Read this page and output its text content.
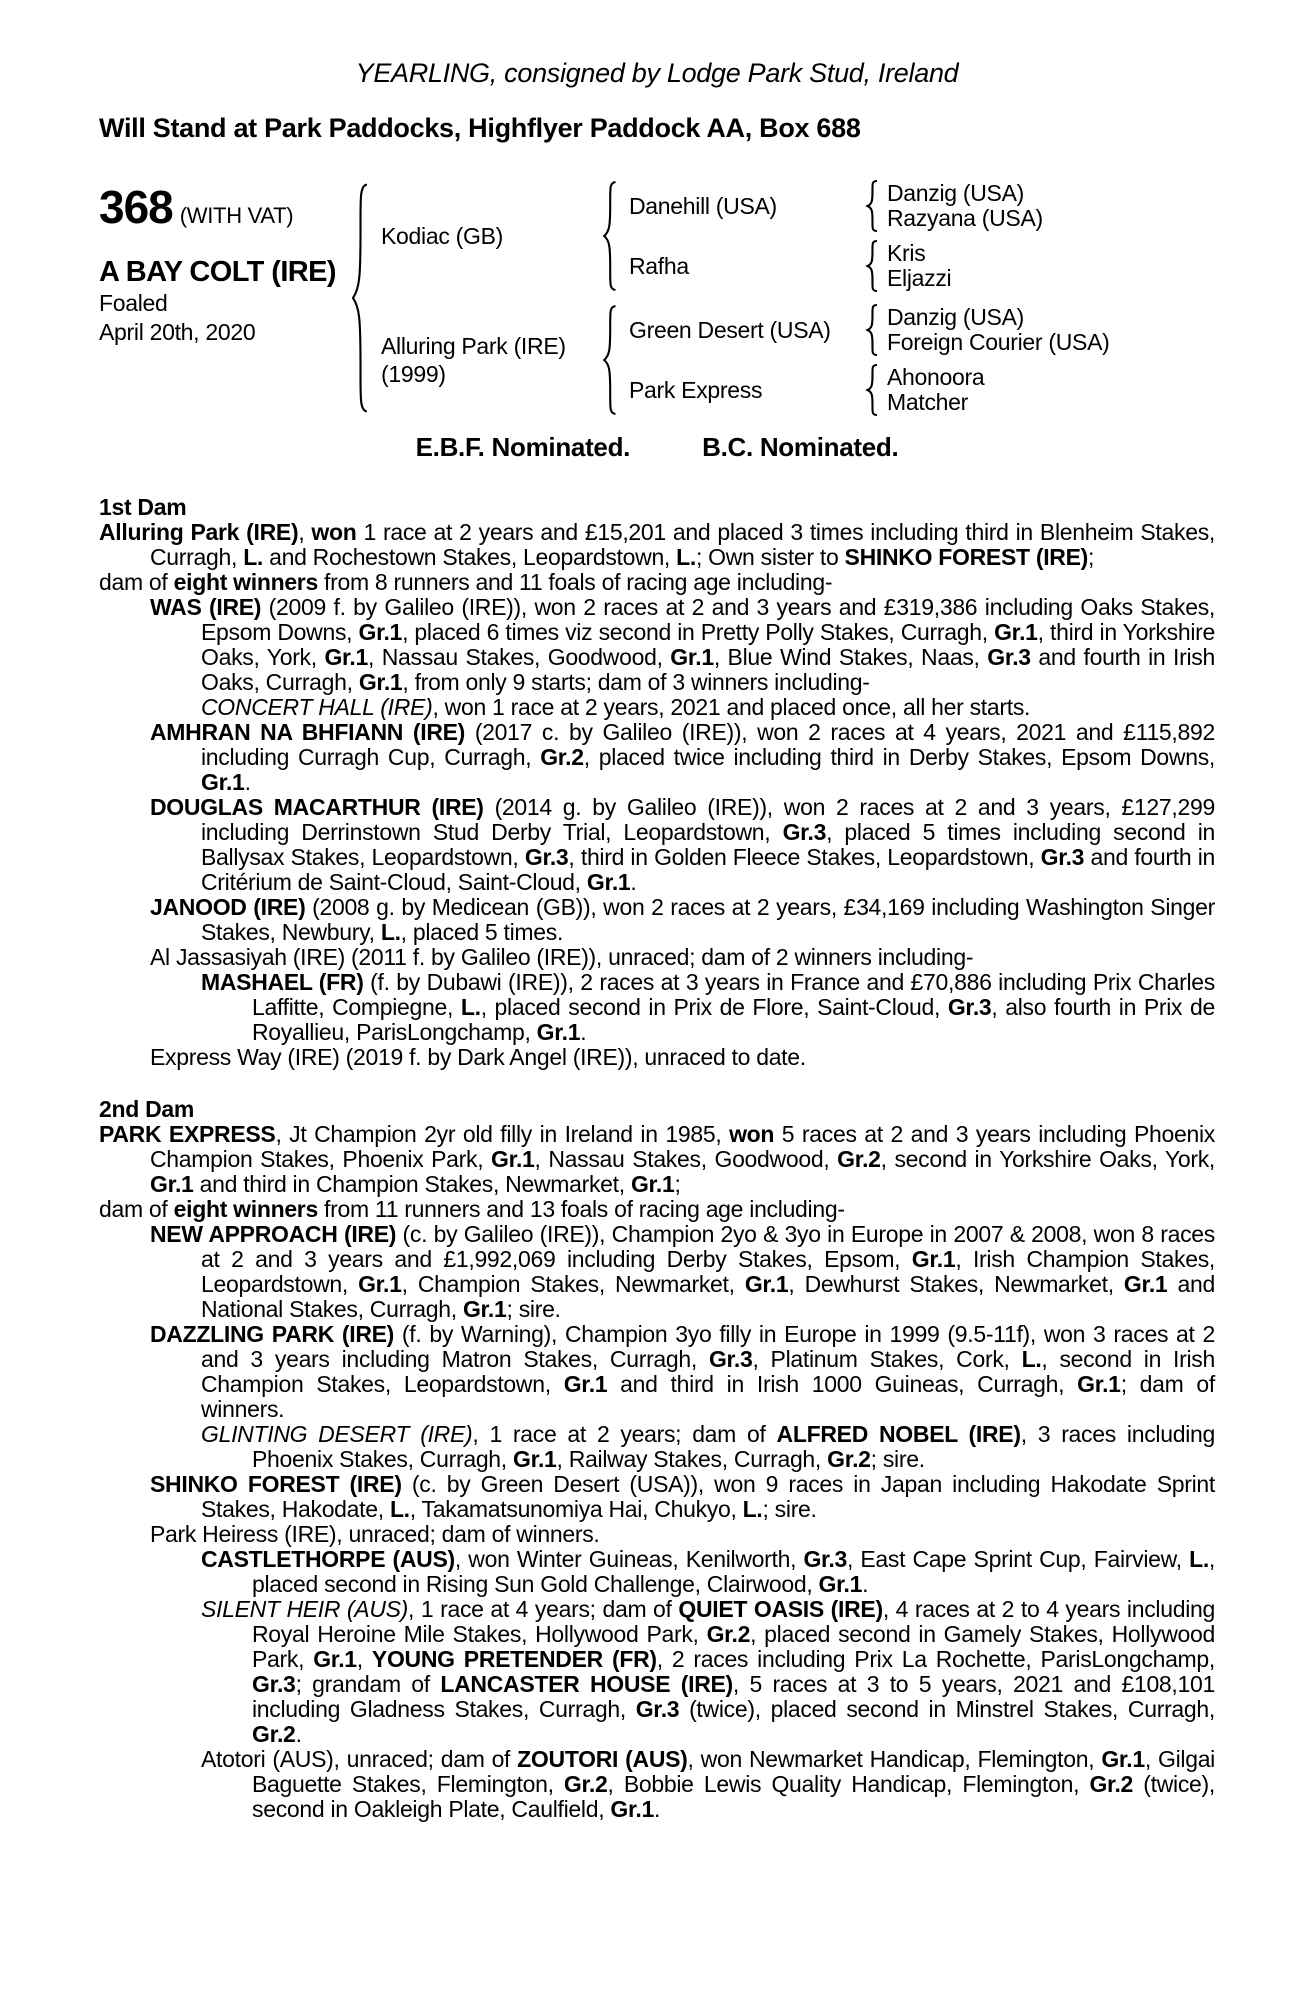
YEARLING, consigned by Lodge Park Stud, Ireland
Will Stand at Park Paddocks, Highflyer Paddock AA, Box 688
368 (WITH VAT)
A BAY COLT (IRE)
Foaled
April 20th, 2020
Kodiac (GB)
Danehill (USA)	Danzig (USA)
Razyana (USA)
Rafha	Kris
Eljazzi
Alluring Park (IRE)
(1999)
Green Desert (USA)	Danzig (USA)
Foreign Courier (USA)
Park Express	Ahonoora
Matcher
E.B.F. Nominated.	B.C. Nominated.
1st Dam

Alluring Park (IRE), won 1 race at 2 years and £15,201 and placed 3 times including third in Blenheim Stakes, Curragh, L. and Rochestown Stakes, Leopardstown, L.; Own sister to SHINKO FOREST (IRE);

dam of eight winners from 8 runners and 11 foals of racing age including-

WAS (IRE) (2009 f. by Galileo (IRE)), won 2 races at 2 and 3 years and £319,386 including Oaks Stakes, Epsom Downs, Gr.1, placed 6 times viz second in Pretty Polly Stakes, Curragh, Gr.1, third in Yorkshire Oaks, York, Gr.1, Nassau Stakes, Goodwood, Gr.1, Blue Wind Stakes, Naas, Gr.3 and fourth in Irish Oaks, Curragh, Gr.1, from only 9 starts; dam of 3 winners including-

CONCERT HALL (IRE), won 1 race at 2 years, 2021 and placed once, all her starts.

AMHRAN NA BHFIANN (IRE) (2017 c. by Galileo (IRE)), won 2 races at 4 years, 2021 and £115,892 including Curragh Cup, Curragh, Gr.2, placed twice including third in Derby Stakes, Epsom Downs, Gr.1.

DOUGLAS MACARTHUR (IRE) (2014 g. by Galileo (IRE)), won 2 races at 2 and 3 years, £127,299 including Derrinstown Stud Derby Trial, Leopardstown, Gr.3, placed 5 times including second in Ballysax Stakes, Leopardstown, Gr.3, third in Golden Fleece Stakes, Leopardstown, Gr.3 and fourth in Critérium de Saint-Cloud, Saint-Cloud, Gr.1.

JANOOD (IRE) (2008 g. by Medicean (GB)), won 2 races at 2 years, £34,169 including Washington Singer Stakes, Newbury, L., placed 5 times.

Al Jassasiyah (IRE) (2011 f. by Galileo (IRE)), unraced; dam of 2 winners including-

MASHAEL (FR) (f. by Dubawi (IRE)), 2 races at 3 years in France and £70,886 including Prix Charles Laffitte, Compiegne, L., placed second in Prix de Flore, Saint-Cloud, Gr.3, also fourth in Prix de Royallieu, ParisLongchamp, Gr.1.

Express Way (IRE) (2019 f. by Dark Angel (IRE)), unraced to date.

2nd Dam

PARK EXPRESS, Jt Champion 2yr old filly in Ireland in 1985, won 5 races at 2 and 3 years including Phoenix Champion Stakes, Phoenix Park, Gr.1, Nassau Stakes, Goodwood, Gr.2, second in Yorkshire Oaks, York, Gr.1 and third in Champion Stakes, Newmarket, Gr.1;

dam of eight winners from 11 runners and 13 foals of racing age including-

NEW APPROACH (IRE) (c. by Galileo (IRE)), Champion 2yo & 3yo in Europe in 2007 & 2008, won 8 races at 2 and 3 years and £1,992,069 including Derby Stakes, Epsom, Gr.1, Irish Champion Stakes, Leopardstown, Gr.1, Champion Stakes, Newmarket, Gr.1, Dewhurst Stakes, Newmarket, Gr.1 and National Stakes, Curragh, Gr.1; sire.

DAZZLING PARK (IRE) (f. by Warning), Champion 3yo filly in Europe in 1999 (9.5-11f), won 3 races at 2 and 3 years including Matron Stakes, Curragh, Gr.3, Platinum Stakes, Cork, L., second in Irish Champion Stakes, Leopardstown, Gr.1 and third in Irish 1000 Guineas, Curragh, Gr.1; dam of winners.

GLINTING DESERT (IRE), 1 race at 2 years; dam of ALFRED NOBEL (IRE), 3 races including Phoenix Stakes, Curragh, Gr.1, Railway Stakes, Curragh, Gr.2; sire.

SHINKO FOREST (IRE) (c. by Green Desert (USA)), won 9 races in Japan including Hakodate Sprint Stakes, Hakodate, L., Takamatsunomiya Hai, Chukyo, L.; sire.

Park Heiress (IRE), unraced; dam of winners.

CASTLETHORPE (AUS), won Winter Guineas, Kenilworth, Gr.3, East Cape Sprint Cup, Fairview, L., placed second in Rising Sun Gold Challenge, Clairwood, Gr.1.

SILENT HEIR (AUS), 1 race at 4 years; dam of QUIET OASIS (IRE), 4 races at 2 to 4 years including Royal Heroine Mile Stakes, Hollywood Park, Gr.2, placed second in Gamely Stakes, Hollywood Park, Gr.1, YOUNG PRETENDER (FR), 2 races including Prix La Rochette, ParisLongchamp, Gr.3; grandam of LANCASTER HOUSE (IRE), 5 races at 3 to 5 years, 2021 and £108,101 including Gladness Stakes, Curragh, Gr.3 (twice), placed second in Minstrel Stakes, Curragh, Gr.2.

Atotori (AUS), unraced; dam of ZOUTORI (AUS), won Newmarket Handicap, Flemington, Gr.1, Gilgai Baguette Stakes, Flemington, Gr.2, Bobbie Lewis Quality Handicap, Flemington, Gr.2 (twice), second in Oakleigh Plate, Caulfield, Gr.1.
